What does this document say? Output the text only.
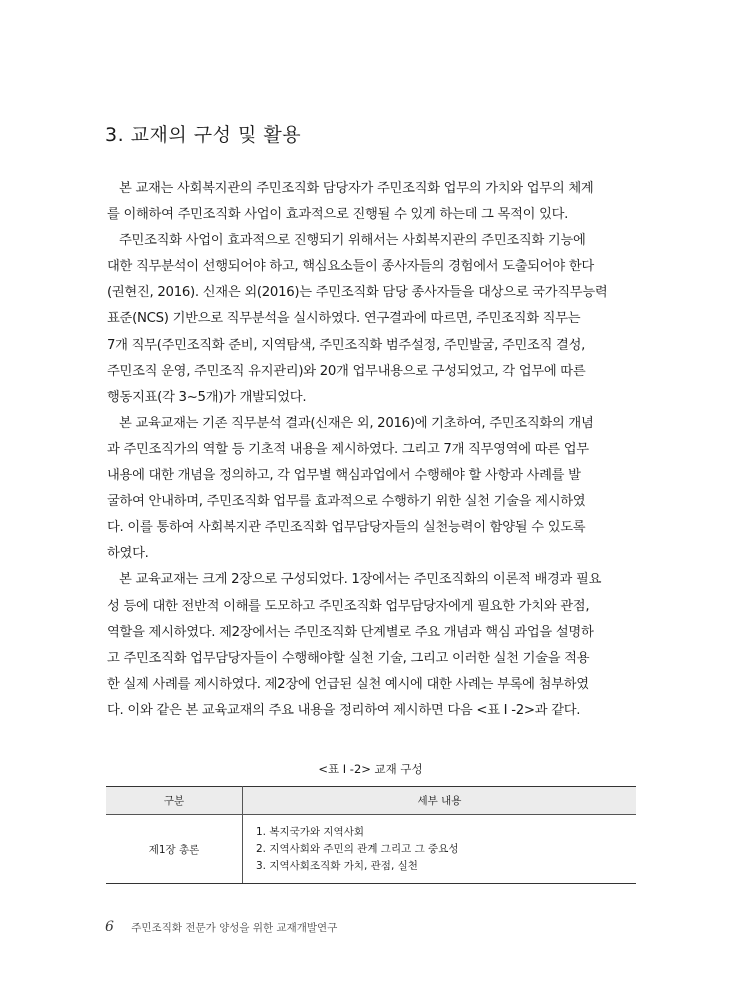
3. 교재의 구성 및 활용

본 교재는 사회복지관의 주민조직화 담당자가 주민조직화 업무의 가치와 업무의 체계
를 이해하여 주민조직화 사업이 효과적으로 진행될 수 있게 하는데 그 목적이 있다.

주민조직화 사업이 효과적으로 진행되기 위해서는 사회복지관의 주민조직화 기능에
대한 직무분석이 선행되어야 하고, 핵심요소들이 종사자들의 경험에서 도출되어야 한다
(권현진, 2016). 신재은 외(2016)는 주민조직화 담당 종사자들을 대상으로 국가직무능력
표준(NCS) 기반으로 직무분석을 실시하였다. 연구결과에 따르면, 주민조직화 직무는
7개 직무(주민조직화 준비, 지역탐색, 주민조직화 범주설정, 주민발굴, 주민조직 결성,
주민조직 운영, 주민조직 유지관리)와 20개 업무내용으로 구성되었고, 각 업무에 따른
행동지표(각 3~5개)가 개발되었다.

본 교육교재는 기존 직무분석 결과(신재은 외, 2016)에 기초하여, 주민조직화의 개념
과 주민조직가의 역할 등 기초적 내용을 제시하였다. 그리고 7개 직무영역에 따른 업무
내용에 대한 개념을 정의하고, 각 업무별 핵심과업에서 수행해야 할 사항과 사례를 발
굴하여 안내하며, 주민조직화 업무를 효과적으로 수행하기 위한 실천 기술을 제시하였
다. 이를 통하여 사회복지관 주민조직화 업무담당자들의 실천능력이 함양될 수 있도록
하였다.

본 교육교재는 크게 2장으로 구성되었다. 1장에서는 주민조직화의 이론적 배경과 필요
성 등에 대한 전반적 이해를 도모하고 주민조직화 업무담당자에게 필요한 가치와 관점,
역할을 제시하였다. 제2장에서는 주민조직화 단계별로 주요 개념과 핵심 과업을 설명하
고 주민조직화 업무담당자들이 수행해야할 실천 기술, 그리고 이러한 실천 기술을 적용
한 실제 사례를 제시하였다. 제2장에 언급된 실천 예시에 대한 사례는 부록에 첨부하였
다. 이와 같은 본 교육교재의 주요 내용을 정리하여 제시하면 다음 <표 Ⅰ -2>과 같다.

<표 Ⅰ -2> 교재 구성
구분	세부 내용
제1장 총론	1. 복지국가와 지역사회
2. 지역사회와 주민의 관계 그리고 그 중요성
3. 지역사회조직화 가치, 관점, 실천
6 주민조직화 전문가 양성을 위한 교재개발연구
